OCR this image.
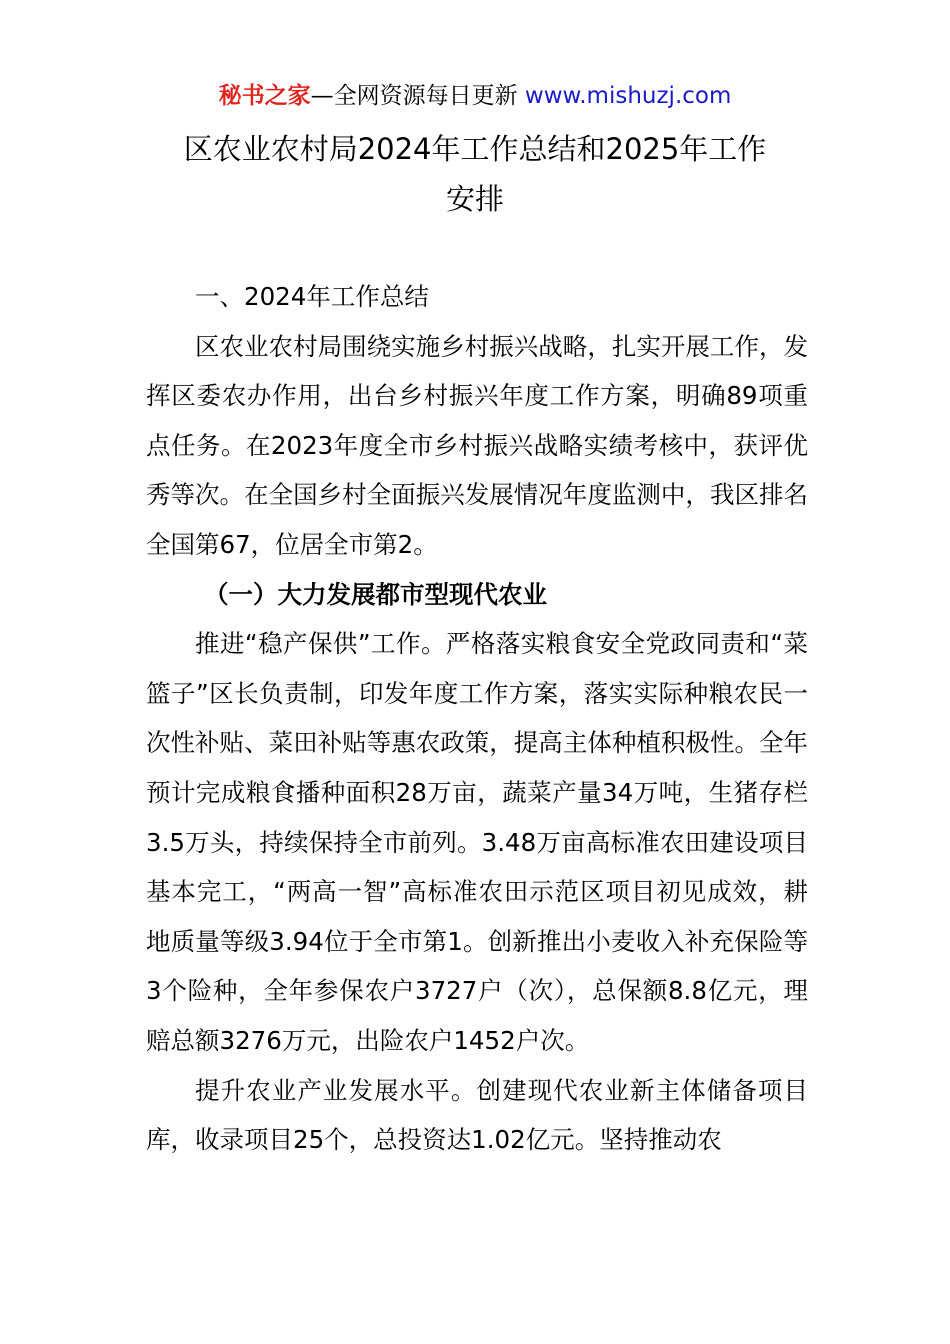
秘书之家—全网资源每日更新 www.mishuzj.com
区农业农村局2024年工作总结和2025年工作
安排

一、2024年工作总结

区农业农村局围绕实施乡村振兴战略，扎实开展工作，发挥区委农办作用，出台乡村振兴年度工作方案，明确89项重点任务。在2023年度全市乡村振兴战略实绩考核中，获评优秀等次。在全国乡村全面振兴发展情况年度监测中，我区排名全国第67，位居全市第2。

（一）大力发展都市型现代农业

推进“稳产保供”工作。严格落实粮食安全党政同责和“菜篮子”区长负责制，印发年度工作方案，落实实际种粮农民一次性补贴、菜田补贴等惠农政策，提高主体种植积极性。全年预计完成粮食播种面积28万亩，蔬菜产量34万吨，生猪存栏3.5万头，持续保持全市前列。3.48万亩高标准农田建设项目基本完工，“两高一智”高标准农田示范区项目初见成效，耕地质量等级3.94位于全市第1。创新推出小麦收入补充保险等3个险种，全年参保农户3727户（次），总保额8.8亿元，理赔总额3276万元，出险农户1452户次。

提升农业产业发展水平。创建现代农业新主体储备项目库，收录项目25个，总投资达1.02亿元。坚持推动农
